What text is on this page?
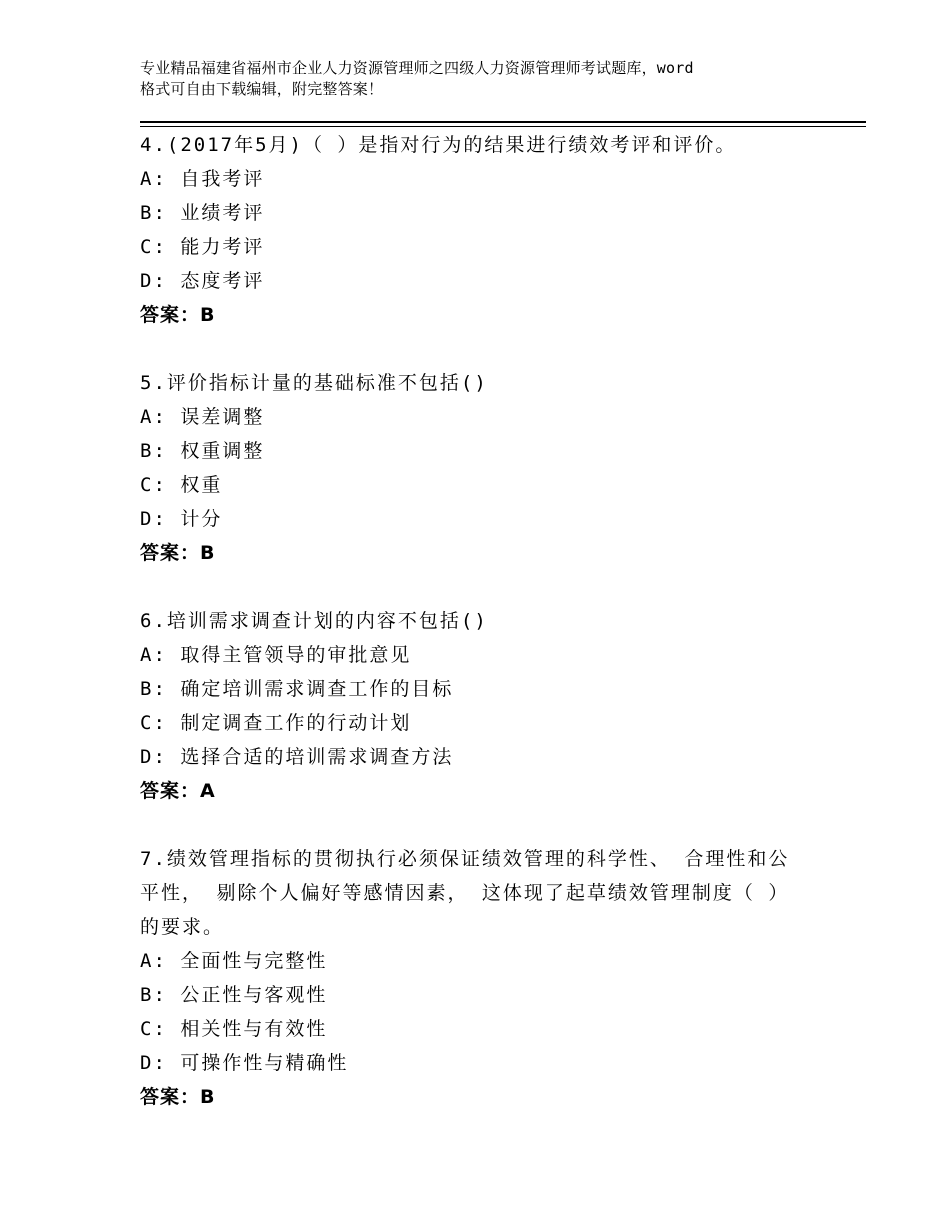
专业精品福建省福州市企业人力资源管理师之四级人力资源管理师考试题库，word
格式可自由下载编辑，附完整答案！
4.(2017年5月)（ ）是指对行为的结果进行绩效考评和评价。
A: 自我考评
B: 业绩考评
C: 能力考评
D: 态度考评
答案：B
5.评价指标计量的基础标准不包括()
A: 误差调整
B: 权重调整
C: 权重
D: 计分
答案：B
6.培训需求调查计划的内容不包括()
A: 取得主管领导的审批意见
B: 确定培训需求调查工作的目标
C: 制定调查工作的行动计划
D: 选择合适的培训需求调查方法
答案：A
7.绩效管理指标的贯彻执行必须保证绩效管理的科学性、 合理性和公
平性， 剔除个人偏好等感情因素， 这体现了起草绩效管理制度（ ）
的要求。
A: 全面性与完整性
B: 公正性与客观性
C: 相关性与有效性
D: 可操作性与精确性
答案：B
